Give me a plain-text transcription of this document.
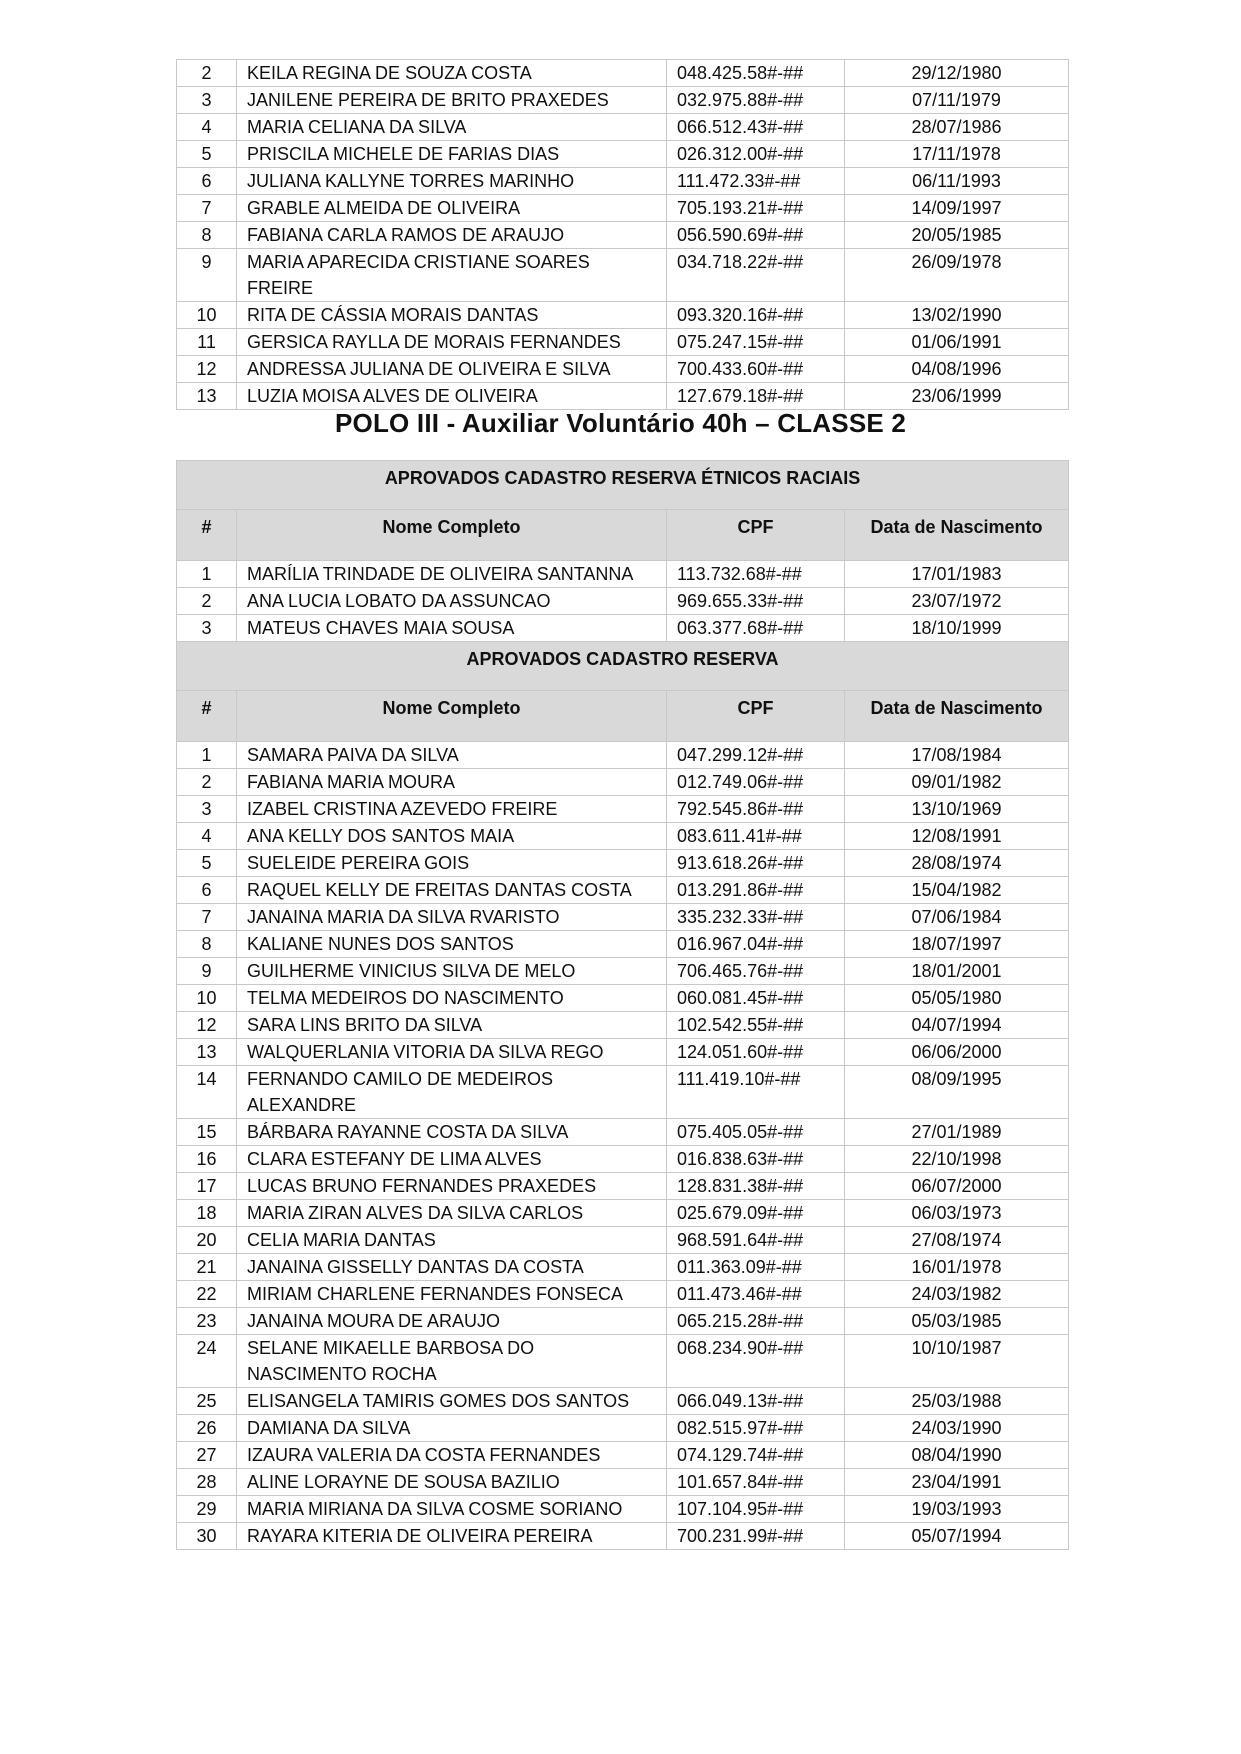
2	KEILA REGINA DE SOUZA COSTA	048.425.58#-##	29/12/1980
3	JANILENE PEREIRA DE BRITO PRAXEDES	032.975.88#-##	07/11/1979
4	MARIA CELIANA DA SILVA	066.512.43#-##	28/07/1986
5	PRISCILA MICHELE DE FARIAS DIAS	026.312.00#-##	17/11/1978
6	JULIANA KALLYNE TORRES MARINHO	111.472.33#-##	06/11/1993
7	GRABLE ALMEIDA DE OLIVEIRA	705.193.21#-##	14/09/1997
8	FABIANA CARLA RAMOS DE ARAUJO	056.590.69#-##	20/05/1985
9	MARIA APARECIDA CRISTIANE SOARES FREIRE	034.718.22#-##	26/09/1978
10	RITA DE CÁSSIA MORAIS DANTAS	093.320.16#-##	13/02/1990
11	GERSICA RAYLLA DE MORAIS FERNANDES	075.247.15#-##	01/06/1991
12	ANDRESSA JULIANA DE OLIVEIRA E SILVA	700.433.60#-##	04/08/1996
13	LUZIA MOISA ALVES DE OLIVEIRA	127.679.18#-##	23/06/1999
POLO III - Auxiliar Voluntário 40h – CLASSE 2
APROVADOS CADASTRO RESERVA ÉTNICOS RACIAIS			
#	Nome Completo	CPF	Data de Nascimento
1	MARÍLIA TRINDADE DE OLIVEIRA SANTANNA	113.732.68#-##	17/01/1983
2	ANA LUCIA LOBATO DA ASSUNCAO	969.655.33#-##	23/07/1972
3	MATEUS CHAVES MAIA SOUSA	063.377.68#-##	18/10/1999
APROVADOS CADASTRO RESERVA			
#	Nome Completo	CPF	Data de Nascimento
1	SAMARA PAIVA DA SILVA	047.299.12#-##	17/08/1984
2	FABIANA MARIA MOURA	012.749.06#-##	09/01/1982
3	IZABEL CRISTINA AZEVEDO FREIRE	792.545.86#-##	13/10/1969
4	ANA KELLY DOS SANTOS MAIA	083.611.41#-##	12/08/1991
5	SUELEIDE PEREIRA GOIS	913.618.26#-##	28/08/1974
6	RAQUEL KELLY DE FREITAS DANTAS COSTA	013.291.86#-##	15/04/1982
7	JANAINA MARIA DA SILVA RVARISTO	335.232.33#-##	07/06/1984
8	KALIANE NUNES DOS SANTOS	016.967.04#-##	18/07/1997
9	GUILHERME VINICIUS SILVA DE MELO	706.465.76#-##	18/01/2001
10	TELMA MEDEIROS DO NASCIMENTO	060.081.45#-##	05/05/1980
12	SARA LINS BRITO DA SILVA	102.542.55#-##	04/07/1994
13	WALQUERLANIA VITORIA DA SILVA REGO	124.051.60#-##	06/06/2000
14	FERNANDO CAMILO DE MEDEIROS ALEXANDRE	111.419.10#-##	08/09/1995
15	BÁRBARA RAYANNE COSTA DA SILVA	075.405.05#-##	27/01/1989
16	CLARA ESTEFANY DE LIMA ALVES	016.838.63#-##	22/10/1998
17	LUCAS BRUNO FERNANDES PRAXEDES	128.831.38#-##	06/07/2000
18	MARIA ZIRAN ALVES DA SILVA CARLOS	025.679.09#-##	06/03/1973
20	CELIA MARIA DANTAS	968.591.64#-##	27/08/1974
21	JANAINA GISSELLY DANTAS DA COSTA	011.363.09#-##	16/01/1978
22	MIRIAM CHARLENE FERNANDES FONSECA	011.473.46#-##	24/03/1982
23	JANAINA MOURA DE ARAUJO	065.215.28#-##	05/03/1985
24	SELANE MIKAELLE BARBOSA DO NASCIMENTO ROCHA	068.234.90#-##	10/10/1987
25	ELISANGELA TAMIRIS GOMES DOS SANTOS	066.049.13#-##	25/03/1988
26	DAMIANA DA SILVA	082.515.97#-##	24/03/1990
27	IZAURA VALERIA DA COSTA FERNANDES	074.129.74#-##	08/04/1990
28	ALINE LORAYNE DE SOUSA BAZILIO	101.657.84#-##	23/04/1991
29	MARIA MIRIANA DA SILVA COSME SORIANO	107.104.95#-##	19/03/1993
30	RAYARA KITERIA DE OLIVEIRA PEREIRA	700.231.99#-##	05/07/1994
